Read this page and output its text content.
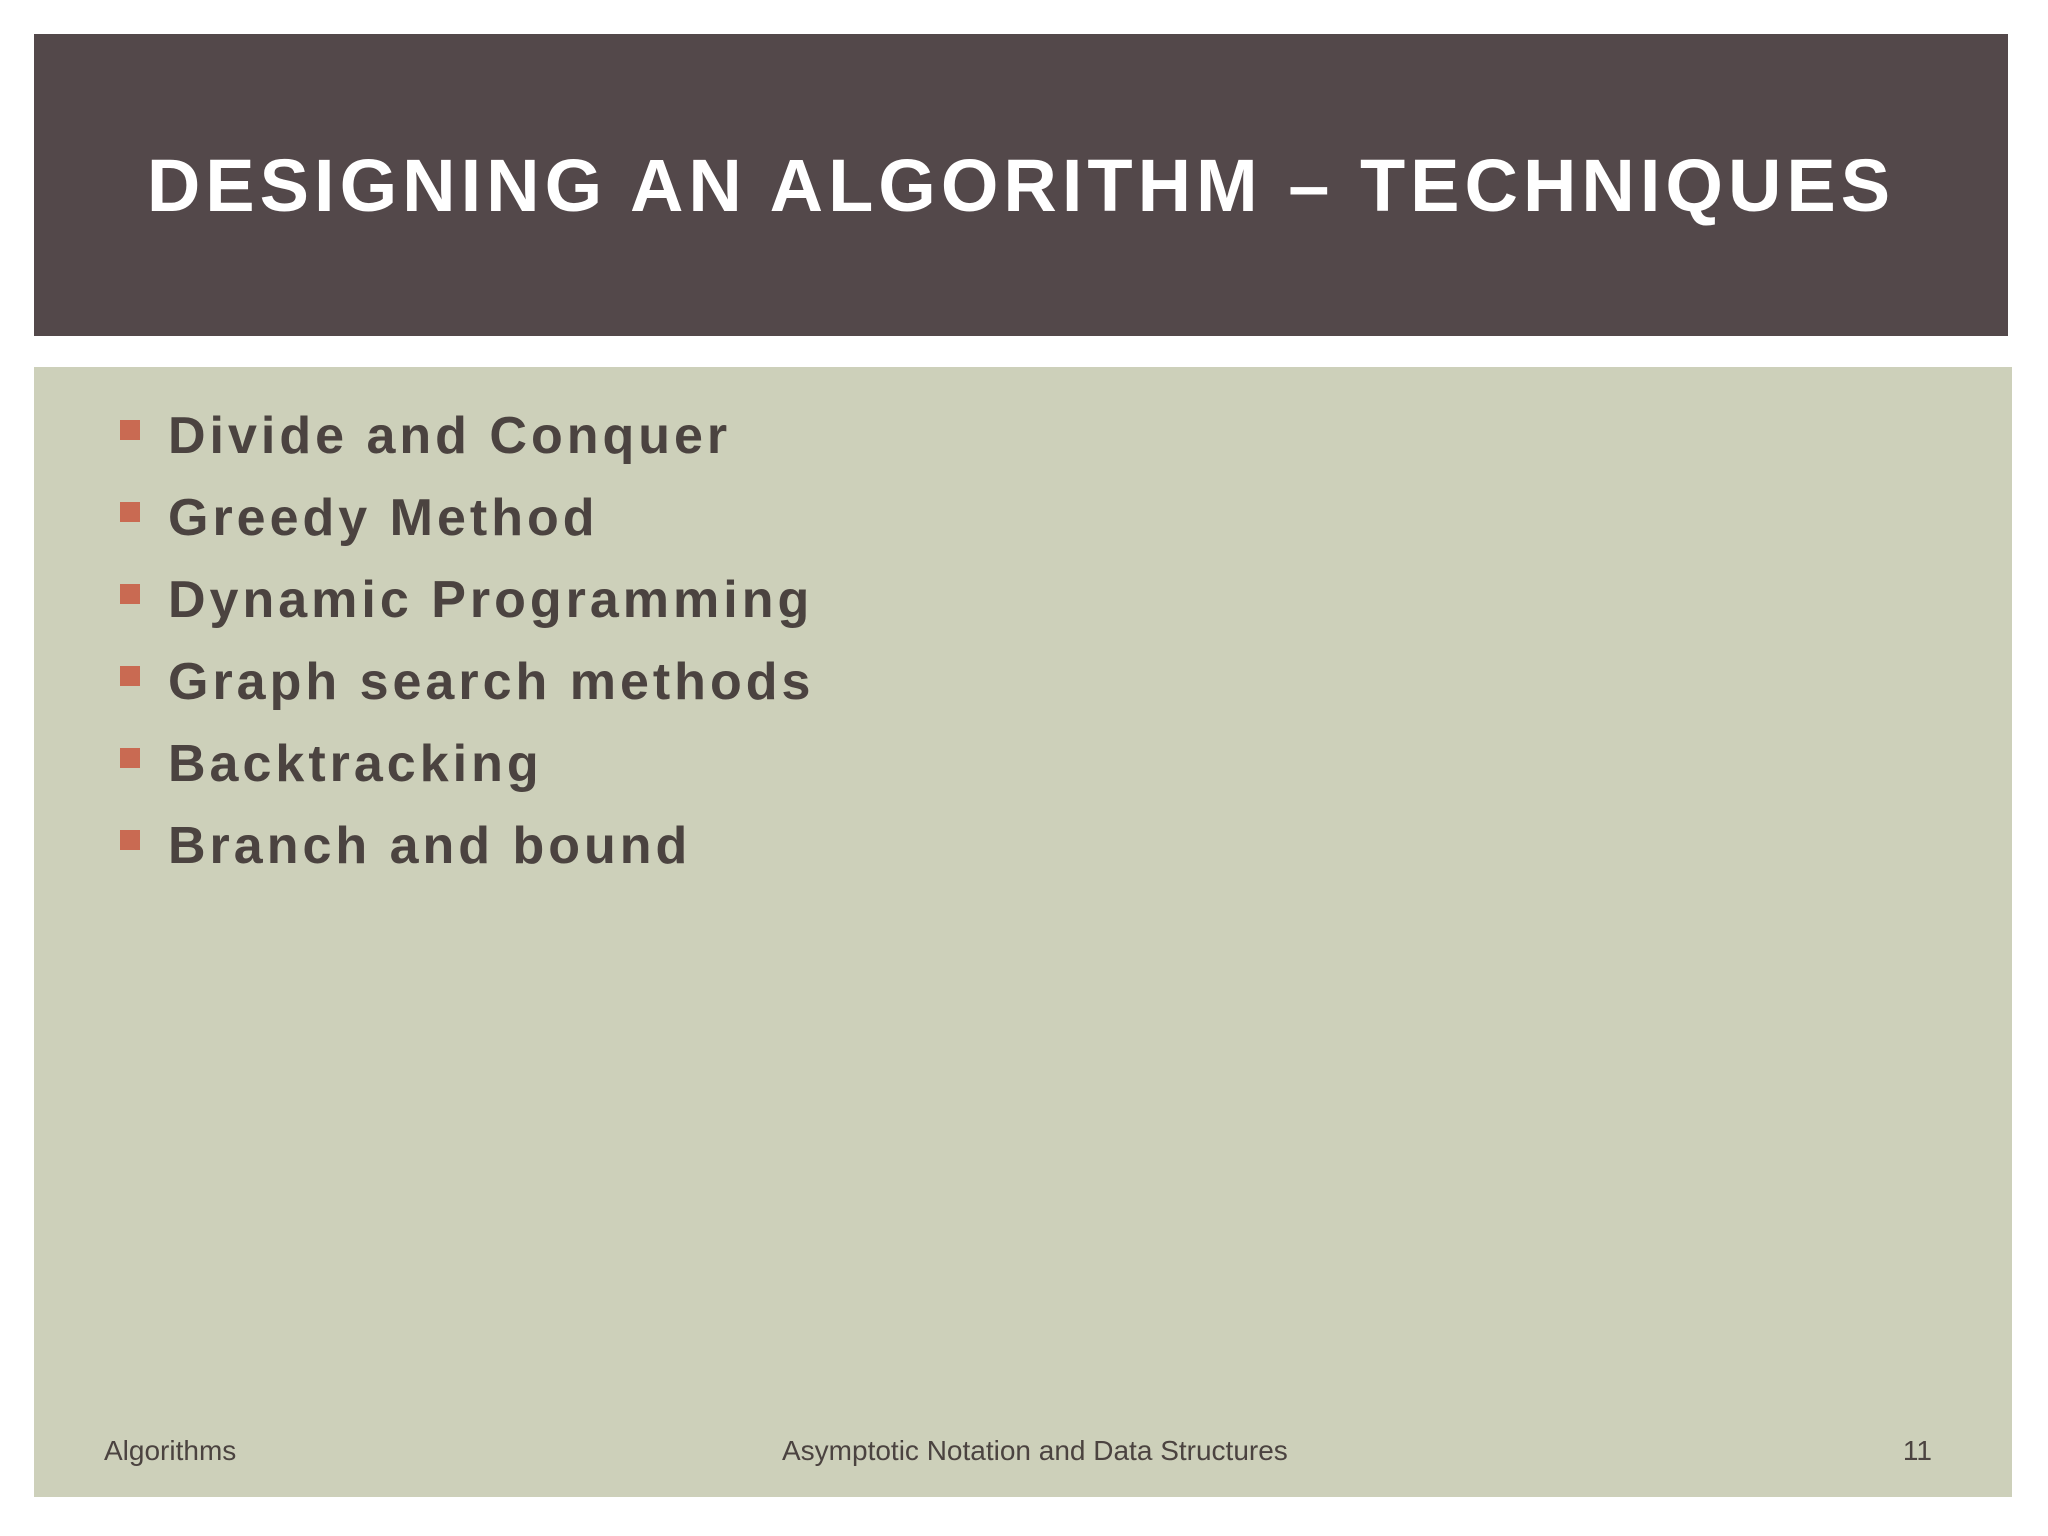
DESIGNING AN ALGORITHM – TECHNIQUES
Divide and Conquer
Greedy Method
Dynamic Programming
Graph search methods
Backtracking
Branch and bound
Algorithms	Asymptotic Notation and Data Structures	11
